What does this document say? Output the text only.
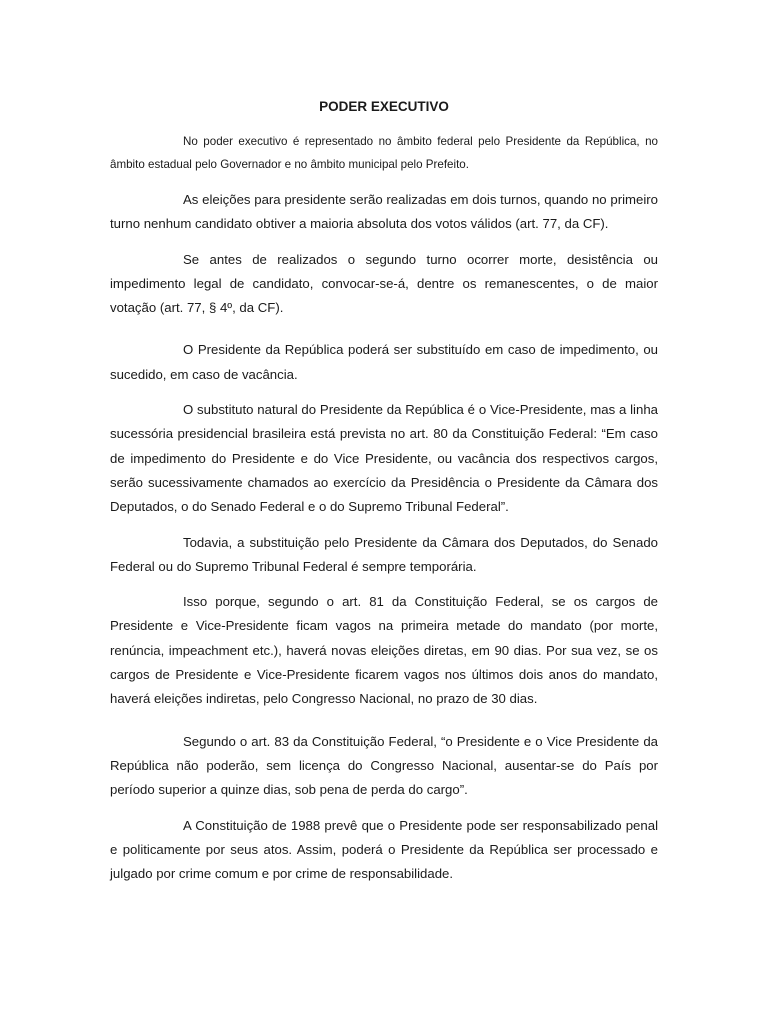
PODER EXECUTIVO

No poder executivo é representado no âmbito federal pelo Presidente da República, no âmbito estadual pelo Governador e no âmbito municipal pelo Prefeito.

As eleições para presidente serão realizadas em dois turnos, quando no primeiro turno nenhum candidato obtiver a maioria absoluta dos votos válidos (art. 77, da CF).

Se antes de realizados o segundo turno ocorrer morte, desistência ou impedimento legal de candidato, convocar-se-á, dentre os remanescentes, o de maior votação (art. 77, § 4º, da CF).

O Presidente da República poderá ser substituído em caso de impedimento, ou sucedido, em caso de vacância.

O substituto natural do Presidente da República é o Vice-Presidente, mas a linha sucessória presidencial brasileira está prevista no art. 80 da Constituição Federal: “Em caso de impedimento do Presidente e do Vice Presidente, ou vacância dos respectivos cargos, serão sucessivamente chamados ao exercício da Presidência o Presidente da Câmara dos Deputados, o do Senado Federal e o do Supremo Tribunal Federal”.

Todavia, a substituição pelo Presidente da Câmara dos Deputados, do Senado Federal ou do Supremo Tribunal Federal é sempre temporária.

Isso porque, segundo o art. 81 da Constituição Federal, se os cargos de Presidente e Vice-Presidente ficam vagos na primeira metade do mandato (por morte, renúncia, impeachment etc.), haverá novas eleições diretas, em 90 dias. Por sua vez, se os cargos de Presidente e Vice-Presidente ficarem vagos nos últimos dois anos do mandato, haverá eleições indiretas, pelo Congresso Nacional, no prazo de 30 dias.

Segundo o art. 83 da Constituição Federal, “o Presidente e o Vice Presidente da República não poderão, sem licença do Congresso Nacional, ausentar-se do País por período superior a quinze dias, sob pena de perda do cargo”.

A Constituição de 1988 prevê que o Presidente pode ser responsabilizado penal e politicamente por seus atos. Assim, poderá o Presidente da República ser processado e julgado por crime comum e por crime de responsabilidade.
